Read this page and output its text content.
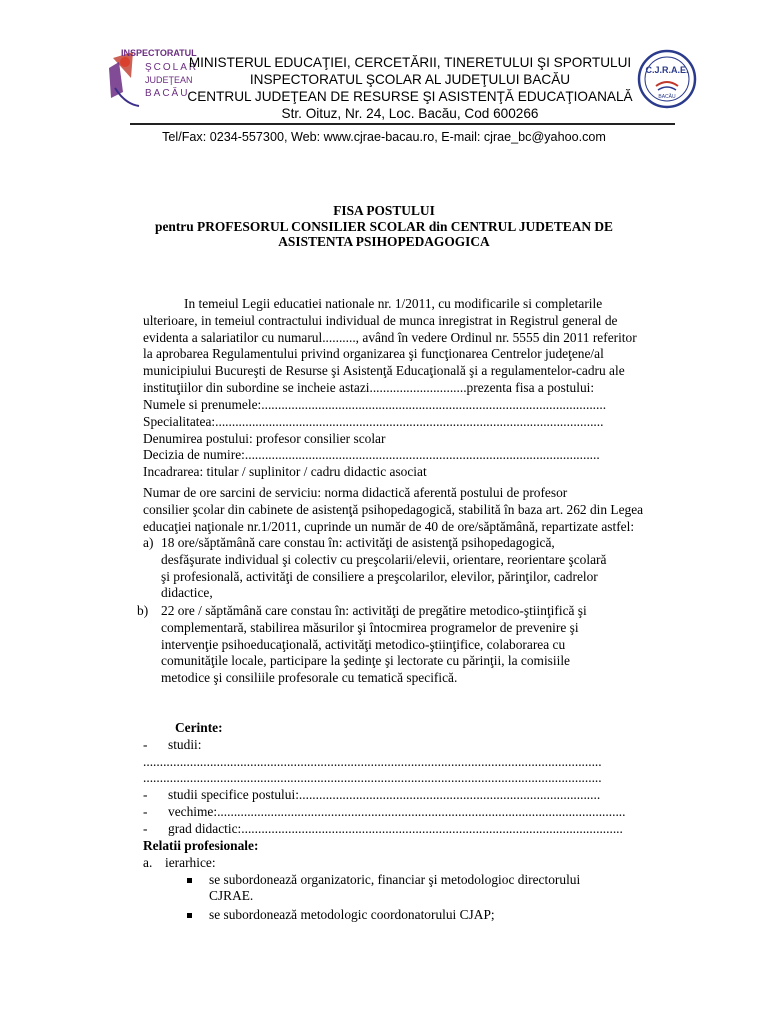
INSPECTORATUL
ŞCOLAR
JUDEŢEAN
BACĂU
C.J.R.A.E.
BACĂU
MINISTERUL EDUCAŢIEI, CERCETĂRII, TINERETULUI ŞI SPORTULUI
INSPECTORATUL ŞCOLAR AL JUDEŢULUI BACĂU
CENTRUL JUDEŢEAN DE RESURSE ŞI ASISTENŢĂ EDUCAŢIOANALĂ
Str. Oituz, Nr. 24, Loc. Bacău, Cod 600266
Tel/Fax: 0234-557300, Web: www.cjrae-bacau.ro, E-mail: cjrae_bc@yahoo.com
FISA POSTULUI
pentru PROFESORUL CONSILIER SCOLAR din CENTRUL JUDETEAN DE
ASISTENTA PSIHOPEDAGOGICA
In temeiul Legii educatiei nationale nr. 1/2011, cu modificarile si completarile
ulterioare, in temeiul contractului individual de munca inregistrat in Registrul general de
evidenta a salariatilor cu numarul.........., având în vedere Ordinul nr. 5555 din 2011 referitor
la aprobarea Regulamentului privind organizarea şi funcţionarea Centrelor judeţene/al
municipiului Bucureşti de Resurse şi Asistenţă Educaţională şi a regulamentelor-cadru ale
instituţiilor din subordine se incheie astazi.............................prezenta fisa a postului:
Numele si prenumele:.......................................................................................................
Specialitatea:....................................................................................................................
Denumirea postului: profesor consilier scolar
Decizia de numire:..........................................................................................................
Incadrarea: titular / suplinitor / cadru didactic asociat
Numar de ore sarcini de serviciu: norma didactică aferentă postului de profesor
consilier şcolar din cabinete de asistenţă psihopedagogică, stabilită în baza art. 262 din Legea
educaţiei naţionale nr.1/2011, cuprinde un număr de 40 de ore/săptămână, repartizate astfel:
a) 18 ore/săptămână care constau în: activităţi de asistenţă psihopedagogică,
desfăşurate individual şi colectiv cu preşcolarii/elevii, orientare, reorientare şcolară
şi profesională, activităţi de consiliere a preşcolarilor, elevilor, părinţilor, cadrelor
didactice,
b) 22 ore / săptămână care constau în: activităţi de pregătire metodico-ştiinţifică şi
complementară, stabilirea măsurilor şi întocmirea programelor de prevenire şi
intervenţie psihoeducaţională, activităţi metodico-ştiinţifice, colaborarea cu
comunităţile locale, participare la şedinţe şi lectorate cu părinţii, la comisiile
metodice şi consiliile profesorale cu tematică specifică.
Cerinte:
- studii:
.........................................................................................................................................
.........................................................................................................................................
- studii specifice postului:..........................................................................................
- vechime:..........................................................................................................................
- grad didactic:..................................................................................................................
Relatii profesionale:
a. ierarhice:
se subordonează organizatoric, financiar şi metodologioc directorului
CJRAE.
se subordonează metodologic coordonatorului CJAP;
